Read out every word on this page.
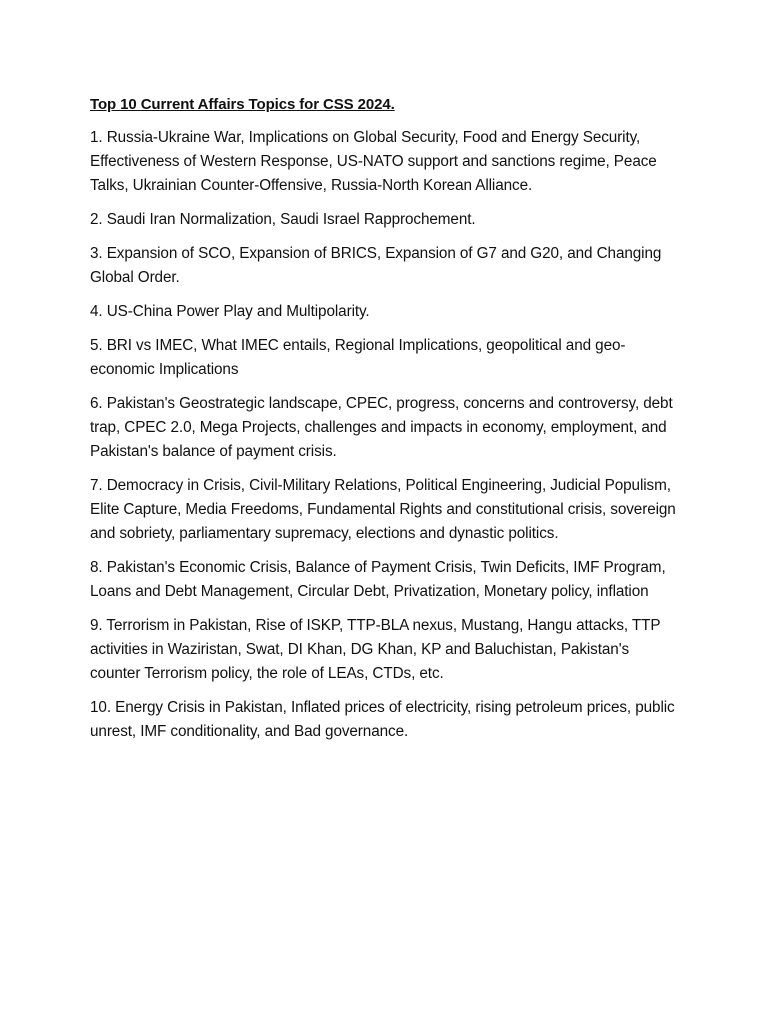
Top 10 Current Affairs Topics for CSS 2024.

1. Russia-Ukraine War, Implications on Global Security, Food and Energy Security, Effectiveness of Western Response, US-NATO support and sanctions regime, Peace Talks, Ukrainian Counter-Offensive, Russia-North Korean Alliance.

2. Saudi Iran Normalization, Saudi Israel Rapprochement.

3. Expansion of SCO, Expansion of BRICS, Expansion of G7 and G20, and Changing Global Order.

4. US-China Power Play and Multipolarity.

5. BRI vs IMEC, What IMEC entails, Regional Implications, geopolitical and geo-economic Implications

6. Pakistan's Geostrategic landscape, CPEC, progress, concerns and controversy, debt trap, CPEC 2.0, Mega Projects, challenges and impacts in economy, employment, and Pakistan's balance of payment crisis.

7. Democracy in Crisis, Civil-Military Relations, Political Engineering, Judicial Populism, Elite Capture, Media Freedoms, Fundamental Rights and constitutional crisis, sovereign and sobriety, parliamentary supremacy, elections and dynastic politics.

8. Pakistan's Economic Crisis, Balance of Payment Crisis, Twin Deficits, IMF Program, Loans and Debt Management, Circular Debt, Privatization, Monetary policy, inflation

9. Terrorism in Pakistan, Rise of ISKP, TTP-BLA nexus, Mustang, Hangu attacks, TTP activities in Waziristan, Swat, DI Khan, DG Khan, KP and Baluchistan, Pakistan's counter Terrorism policy, the role of LEAs, CTDs, etc.

10. Energy Crisis in Pakistan, Inflated prices of electricity, rising petroleum prices, public unrest, IMF conditionality, and Bad governance.
